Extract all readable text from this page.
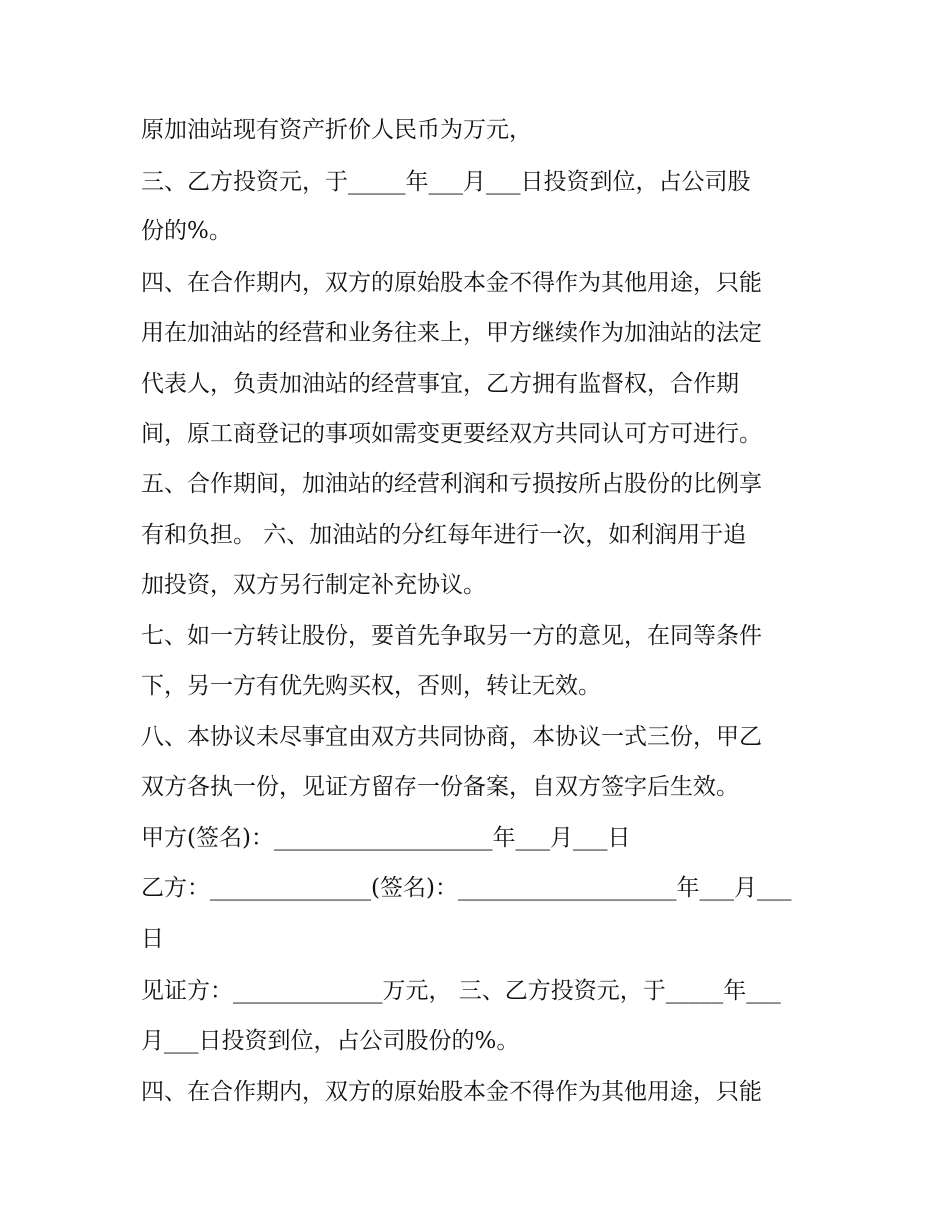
原加油站现有资产折价人民币为万元，

三、乙方投资元，于_____年___月___日投资到位，占公司股

份的%。

四、在合作期内，双方的原始股本金不得作为其他用途，只能

用在加油站的经营和业务往来上，甲方继续作为加油站的法定

代表人，负责加油站的经营事宜，乙方拥有监督权，合作期

间，原工商登记的事项如需变更要经双方共同认可方可进行。

五、合作期间，加油站的经营利润和亏损按所占股份的比例享

有和负担。 六、加油站的分红每年进行一次，如利润用于追

加投资，双方另行制定补充协议。

七、如一方转让股份，要首先争取另一方的意见，在同等条件

下，另一方有优先购买权，否则，转让无效。

八、本协议未尽事宜由双方共同协商，本协议一式三份，甲乙

双方各执一份，见证方留存一份备案，自双方签字后生效。

甲方(签名)：___________________年___月___日

乙方：______________(签名)：___________________年___月___

日

见证方：_____________万元， 三、乙方投资元，于_____年___

月___日投资到位，占公司股份的%。

四、在合作期内，双方的原始股本金不得作为其他用途，只能
